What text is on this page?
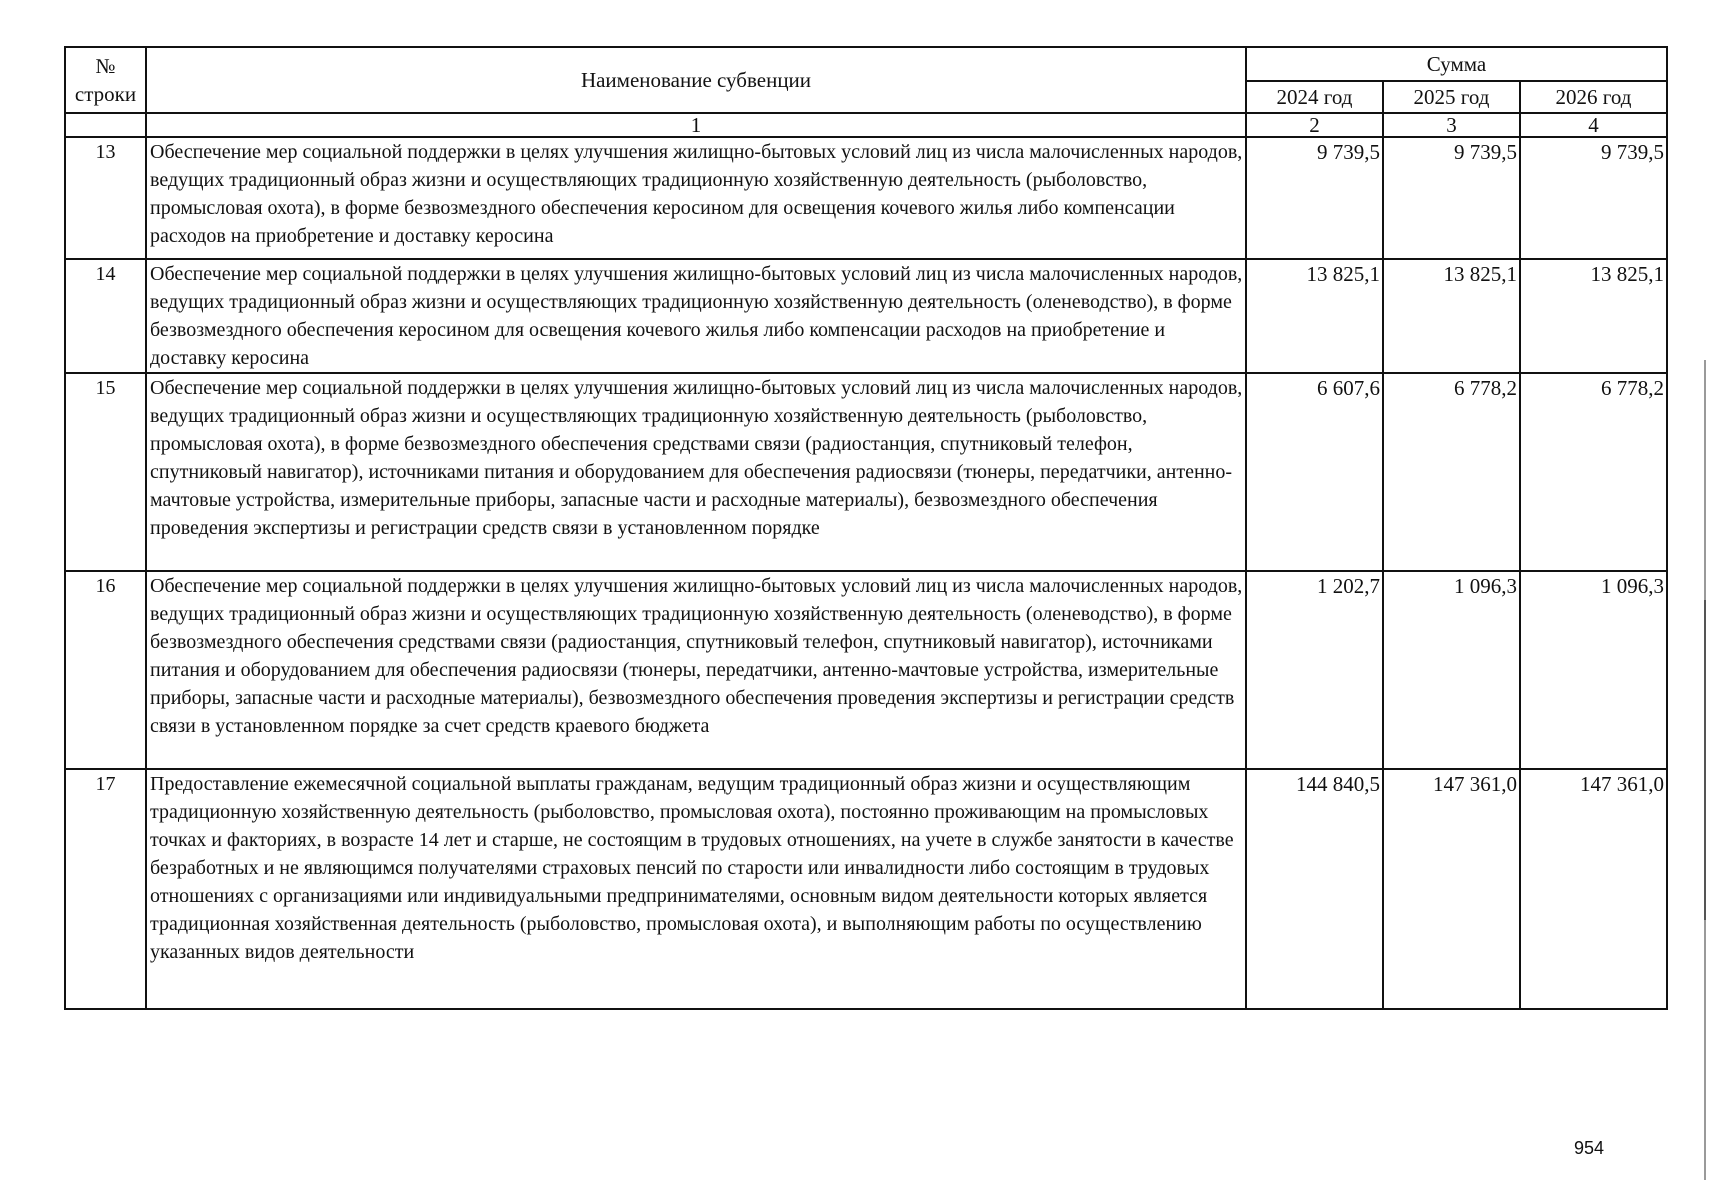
№
строки	Наименование субвенции	Сумма		
		2024 год	2025 год	2026 год
	1	2	3	4
13	Обеспечение мер социальной поддержки в целях улучшения жилищно-бытовых условий лиц из числа малочисленных народов, ведущих традиционный образ жизни и осуществляющих традиционную хозяйственную деятельность (рыболовство, промысловая охота), в форме безвозмездного обеспечения керосином для освещения кочевого жилья либо компенсации расходов на приобретение и доставку керосина	9 739,5	9 739,5	9 739,5
14	Обеспечение мер социальной поддержки в целях улучшения жилищно-бытовых условий лиц из числа малочисленных народов, ведущих традиционный образ жизни и осуществляющих традиционную хозяйственную деятельность (оленеводство), в форме безвозмездного обеспечения керосином для освещения кочевого жилья либо компенсации расходов на приобретение и доставку керосина	13 825,1	13 825,1	13 825,1
15	Обеспечение мер социальной поддержки в целях улучшения жилищно-бытовых условий лиц из числа малочисленных народов, ведущих традиционный образ жизни и осуществляющих традиционную хозяйственную деятельность (рыболовство, промысловая охота), в форме безвозмездного обеспечения средствами связи (радиостанция, спутниковый телефон, спутниковый навигатор), источниками питания и оборудованием для обеспечения радиосвязи (тюнеры, передатчики, антенно-мачтовые устройства, измерительные приборы, запасные части и расходные материалы), безвозмездного обеспечения проведения экспертизы и регистрации средств связи в установленном порядке	6 607,6	6 778,2	6 778,2
16	Обеспечение мер социальной поддержки в целях улучшения жилищно-бытовых условий лиц из числа малочисленных народов, ведущих традиционный образ жизни и осуществляющих традиционную хозяйственную деятельность (оленеводство), в форме безвозмездного обеспечения средствами связи (радиостанция, спутниковый телефон, спутниковый навигатор), источниками питания и оборудованием для обеспечения радиосвязи (тюнеры, передатчики, антенно-мачтовые устройства, измерительные приборы, запасные части и расходные материалы), безвозмездного обеспечения проведения экспертизы и регистрации средств связи в установленном порядке за счет средств краевого бюджета	1 202,7	1 096,3	1 096,3
17	Предоставление ежемесячной социальной выплаты гражданам, ведущим традиционный образ жизни и осуществляющим традиционную хозяйственную деятельность (рыболовство, промысловая охота), постоянно проживающим на промысловых точках и факториях, в возрасте 14 лет и старше, не состоящим в трудовых отношениях, на учете в службе занятости в качестве безработных и не являющимся получателями страховых пенсий по старости или инвалидности либо состоящим в трудовых отношениях с организациями или индивидуальными предпринимателями, основным видом деятельности которых является традиционная хозяйственная деятельность (рыболовство, промысловая охота), и выполняющим работы по осуществлению указанных видов деятельности	144 840,5	147 361,0	147 361,0
954
